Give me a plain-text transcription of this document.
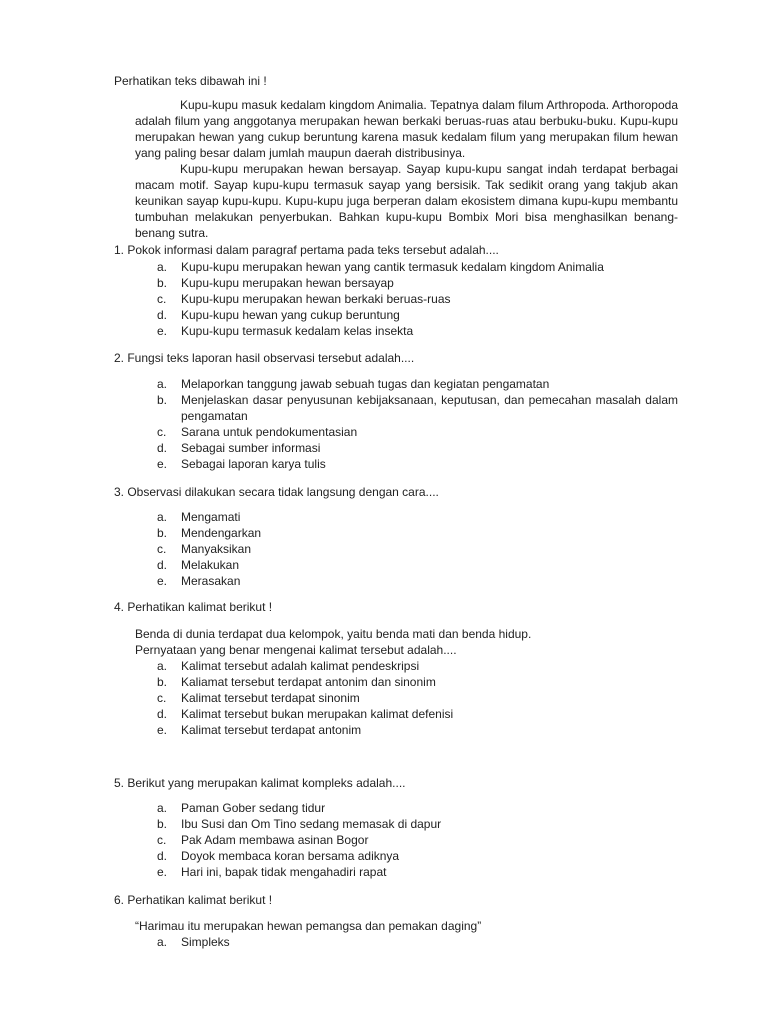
Perhatikan teks dibawah ini !

Kupu-kupu masuk kedalam kingdom Animalia. Tepatnya dalam filum Arthropoda. Arthoropoda adalah filum yang anggotanya merupakan hewan berkaki beruas-ruas atau berbuku-buku. Kupu-kupu merupakan hewan yang cukup beruntung karena masuk kedalam filum yang merupakan filum hewan yang paling besar dalam jumlah maupun daerah distribusinya.

Kupu-kupu merupakan hewan bersayap. Sayap kupu-kupu sangat indah terdapat berbagai macam motif. Sayap kupu-kupu termasuk sayap yang bersisik. Tak sedikit orang yang takjub akan keunikan sayap kupu-kupu. Kupu-kupu juga berperan dalam ekosistem dimana kupu-kupu membantu tumbuhan melakukan penyerbukan. Bahkan kupu-kupu Bombix Mori bisa menghasilkan benang-benang sutra.

1. Pokok informasi dalam paragraf pertama pada teks tersebut adalah....
a. Kupu-kupu merupakan hewan yang cantik termasuk kedalam kingdom Animalia
b. Kupu-kupu merupakan hewan bersayap
c. Kupu-kupu merupakan hewan berkaki beruas-ruas
d. Kupu-kupu hewan yang cukup beruntung
e. Kupu-kupu termasuk kedalam kelas insekta
2. Fungsi teks laporan hasil observasi tersebut adalah....
a. Melaporkan tanggung jawab sebuah tugas dan kegiatan pengamatan
b. Menjelaskan dasar penyusunan kebijaksanaan, keputusan, dan pemecahan masalah dalam pengamatan
c. Sarana untuk pendokumentasian
d. Sebagai sumber informasi
e. Sebagai laporan karya tulis
3. Observasi dilakukan secara tidak langsung dengan cara....
a. Mengamati
b. Mendengarkan
c. Manyaksikan
d. Melakukan
e. Merasakan
4. Perhatikan kalimat berikut !
Benda di dunia terdapat dua kelompok, yaitu benda mati dan benda hidup.
Pernyataan yang benar mengenai kalimat tersebut adalah....
a. Kalimat tersebut adalah kalimat pendeskripsi
b. Kaliamat tersebut terdapat antonim dan sinonim
c. Kalimat tersebut terdapat sinonim
d. Kalimat tersebut bukan merupakan kalimat defenisi
e. Kalimat tersebut terdapat antonim
5. Berikut yang merupakan kalimat kompleks adalah....
a. Paman Gober sedang tidur
b. Ibu Susi dan Om Tino sedang memasak di dapur
c. Pak Adam membawa asinan Bogor
d. Doyok membaca koran bersama adiknya
e. Hari ini, bapak tidak mengahadiri rapat
6. Perhatikan kalimat berikut !
“Harimau itu merupakan hewan pemangsa dan pemakan daging”
a. Simpleks
